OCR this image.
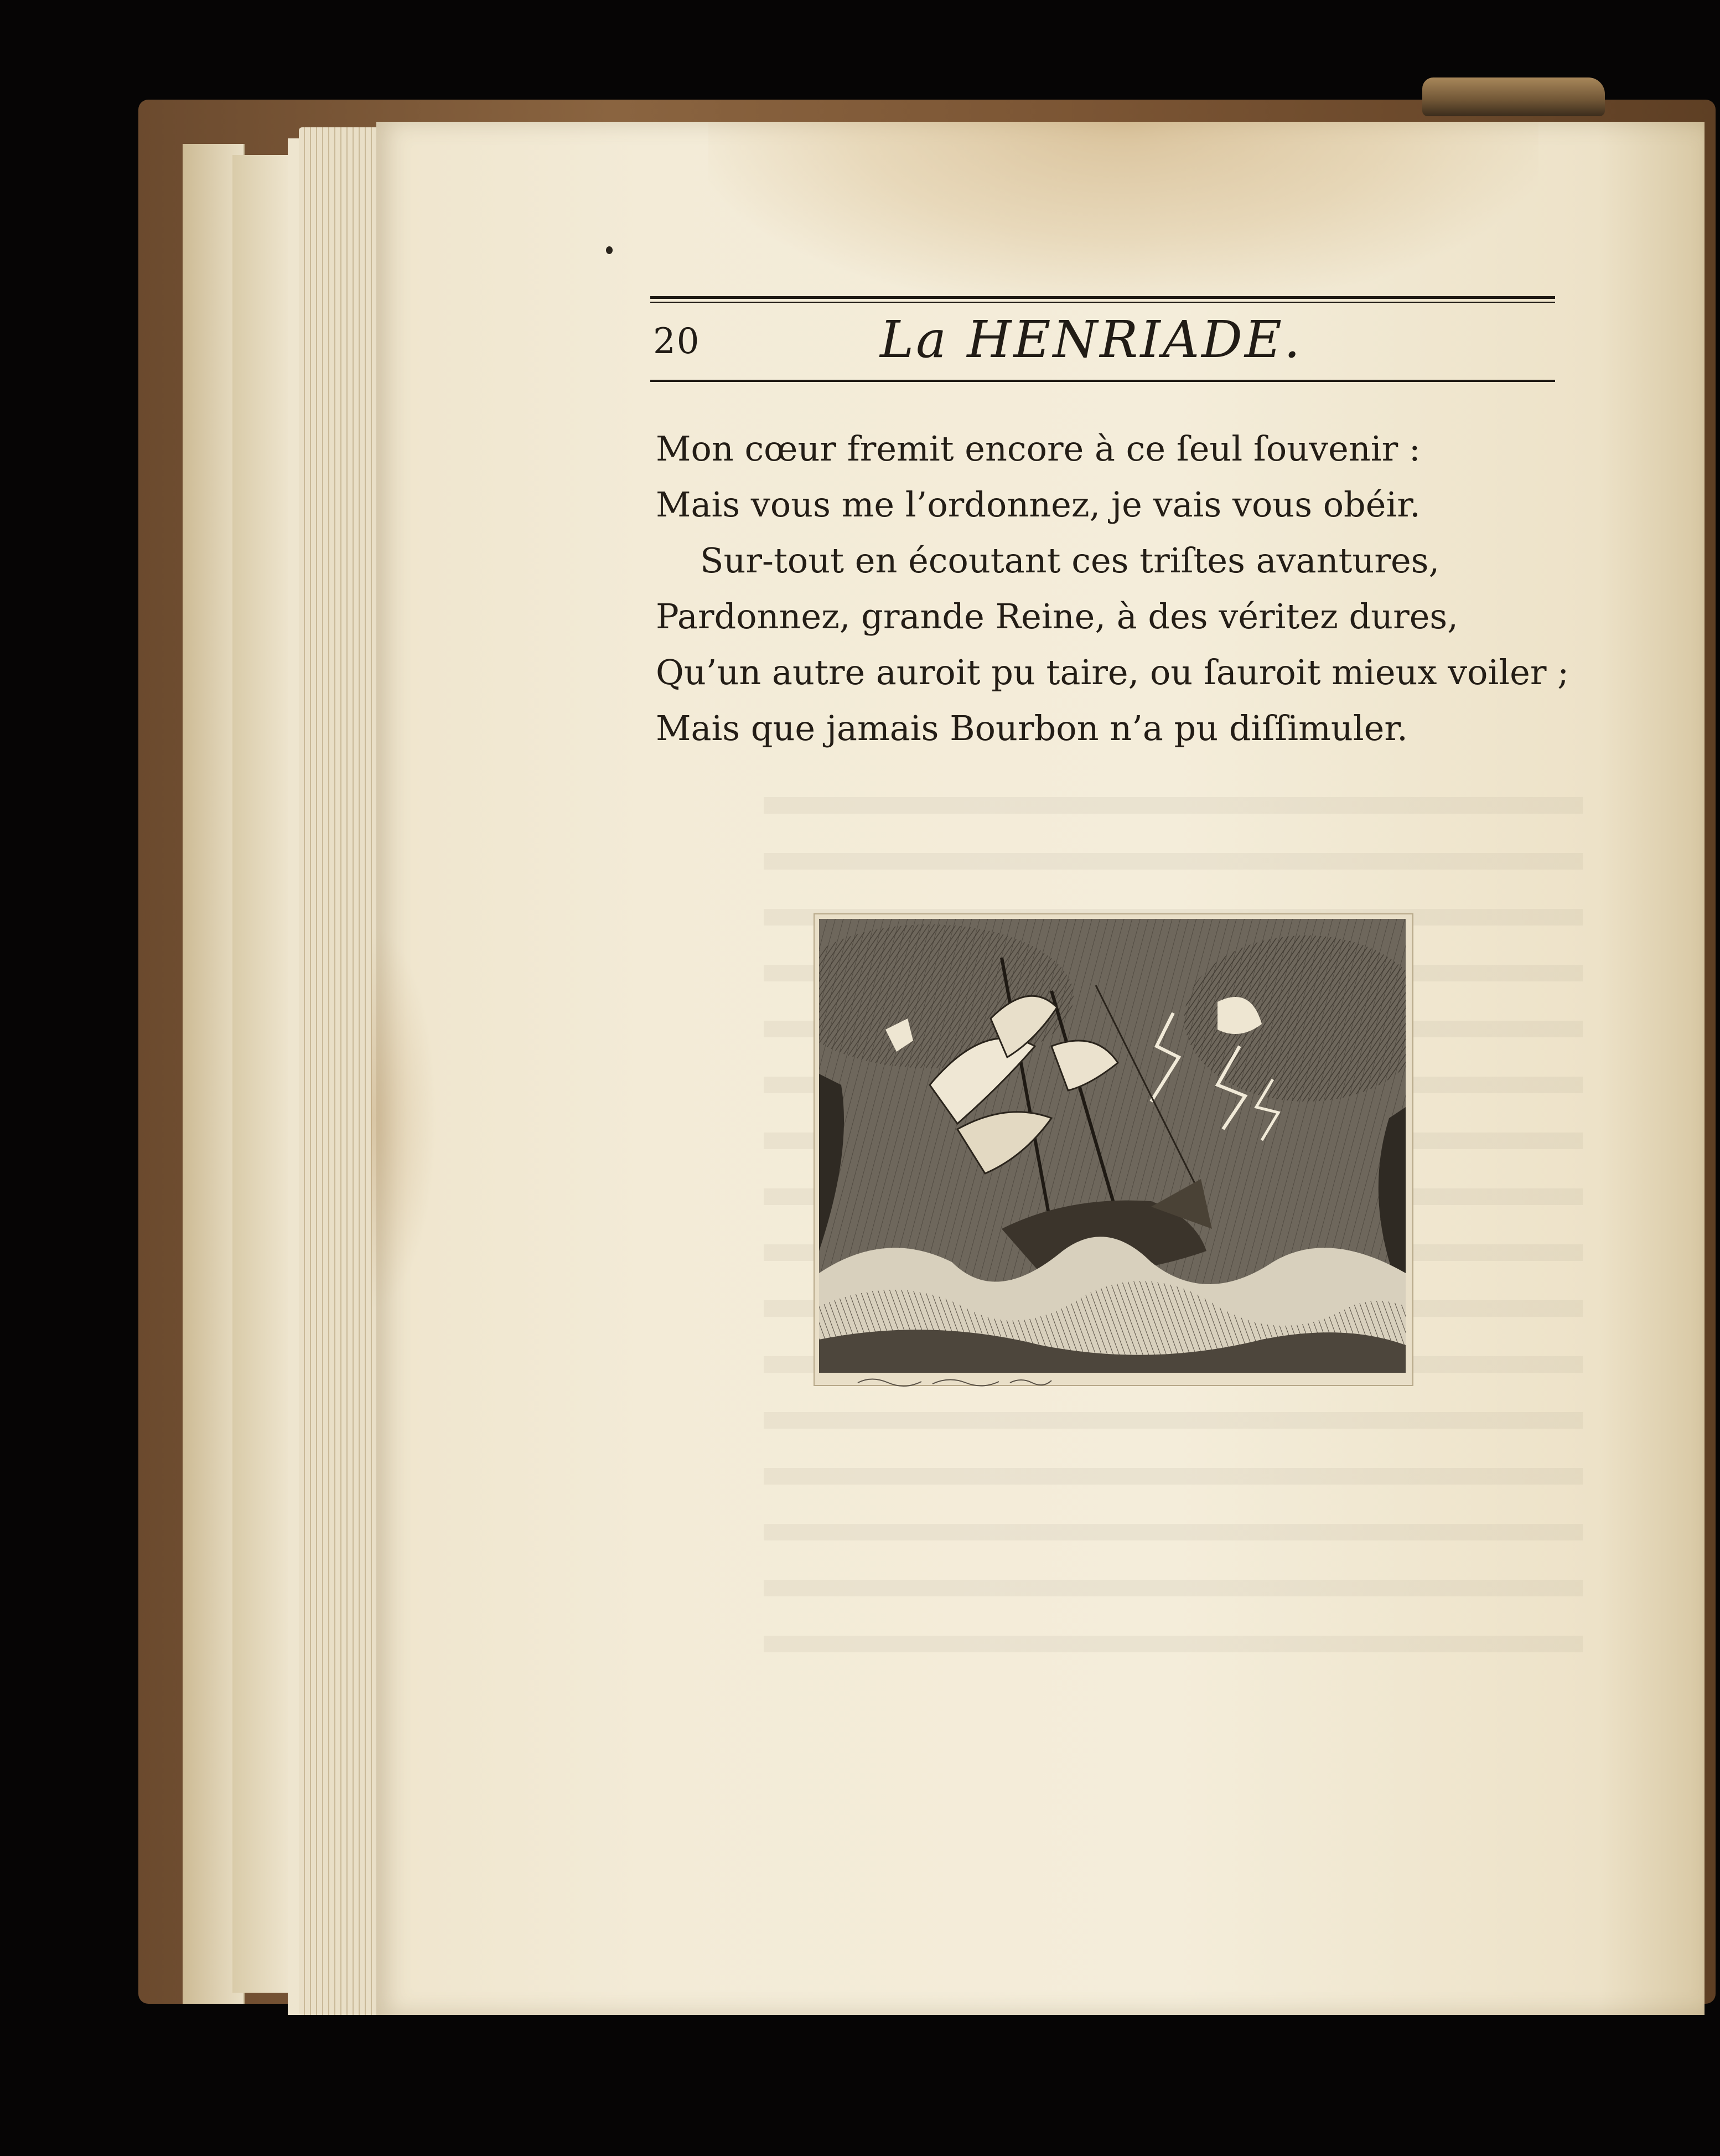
20	La HENRIADE.
Mon cœur fremit encore à ce ſeul ſouvenir :
Mais vous me l’ordonnez, je vais vous obéir.
Sur-tout en écoutant ces triſtes avantures,
Pardonnez, grande Reine, à des véritez dures,
Qu’un autre auroit pu taire, ou ſauroit mieux voiler ;
Mais que jamais Bourbon n’a pu diſſimuler.
